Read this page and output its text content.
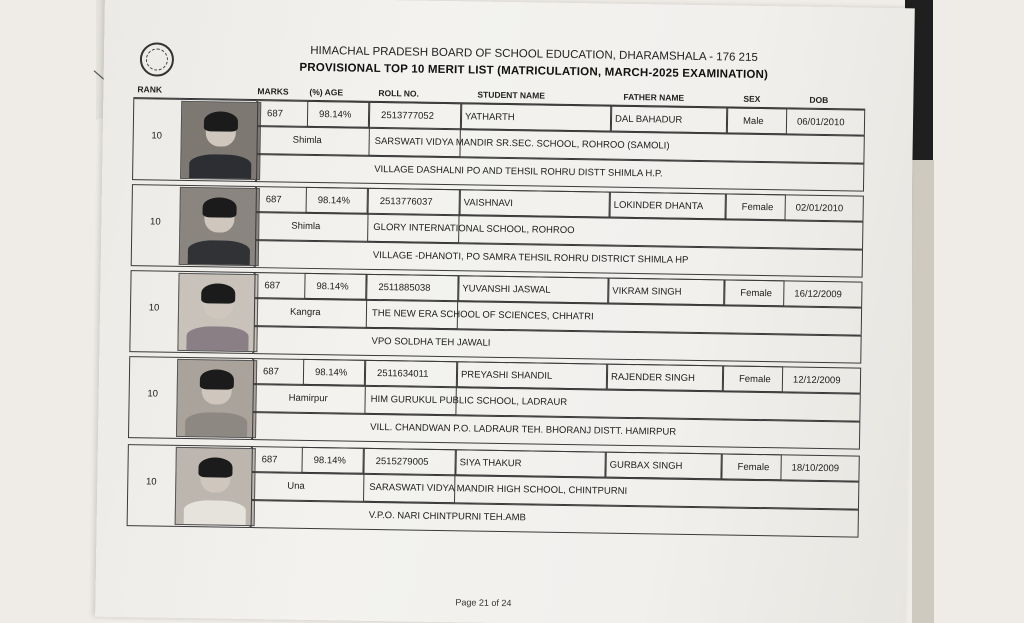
HIMACHAL PRADESH BOARD OF SCHOOL EDUCATION, DHARAMSHALA - 176 215
PROVISIONAL TOP 10 MERIT LIST (MATRICULATION, MARCH-2025 EXAMINATION)
RANK	MARKS (%) AGE	ROLL NO.	STUDENT NAME	FATHER NAME	SEX	DOB
10
687	98.14%	2513777052	YATHARTH	DAL BAHADUR	Male	06/01/2010
Shimla	SARSWATI VIDYA MANDIR SR.SEC. SCHOOL, ROHROO (SAMOLI)
VILLAGE DASHALNI PO AND TEHSIL ROHRU DISTT SHIMLA H.P.
10
687	98.14%	2513776037	VAISHNAVI	LOKINDER DHANTA	Female 02/01/2010
Shimla	GLORY INTERNATIONAL SCHOOL, ROHROO
VILLAGE -DHANOTI, PO SAMRA TEHSIL ROHRU DISTRICT SHIMLA HP
10
687	98.14%	2511885038	YUVANSHI JASWAL	VIKRAM SINGH	Female 16/12/2009
Kangra	THE NEW ERA SCHOOL OF SCIENCES, CHHATRI
VPO SOLDHA TEH JAWALI
10
687	98.14%	2511634011	PREYASHI SHANDIL	RAJENDER SINGH	Female 12/12/2009
Hamirpur	HIM GURUKUL PUBLIC SCHOOL, LADRAUR
VILL. CHANDWAN P.O. LADRAUR TEH. BHORANJ DISTT. HAMIRPUR
10
687	98.14%	2515279005	SIYA THAKUR	GURBAX SINGH	Female 18/10/2009
Una	SARASWATI VIDYA MANDIR HIGH SCHOOL, CHINTPURNI
V.P.O. NARI CHINTPURNI TEH.AMB
Page 21 of 24
